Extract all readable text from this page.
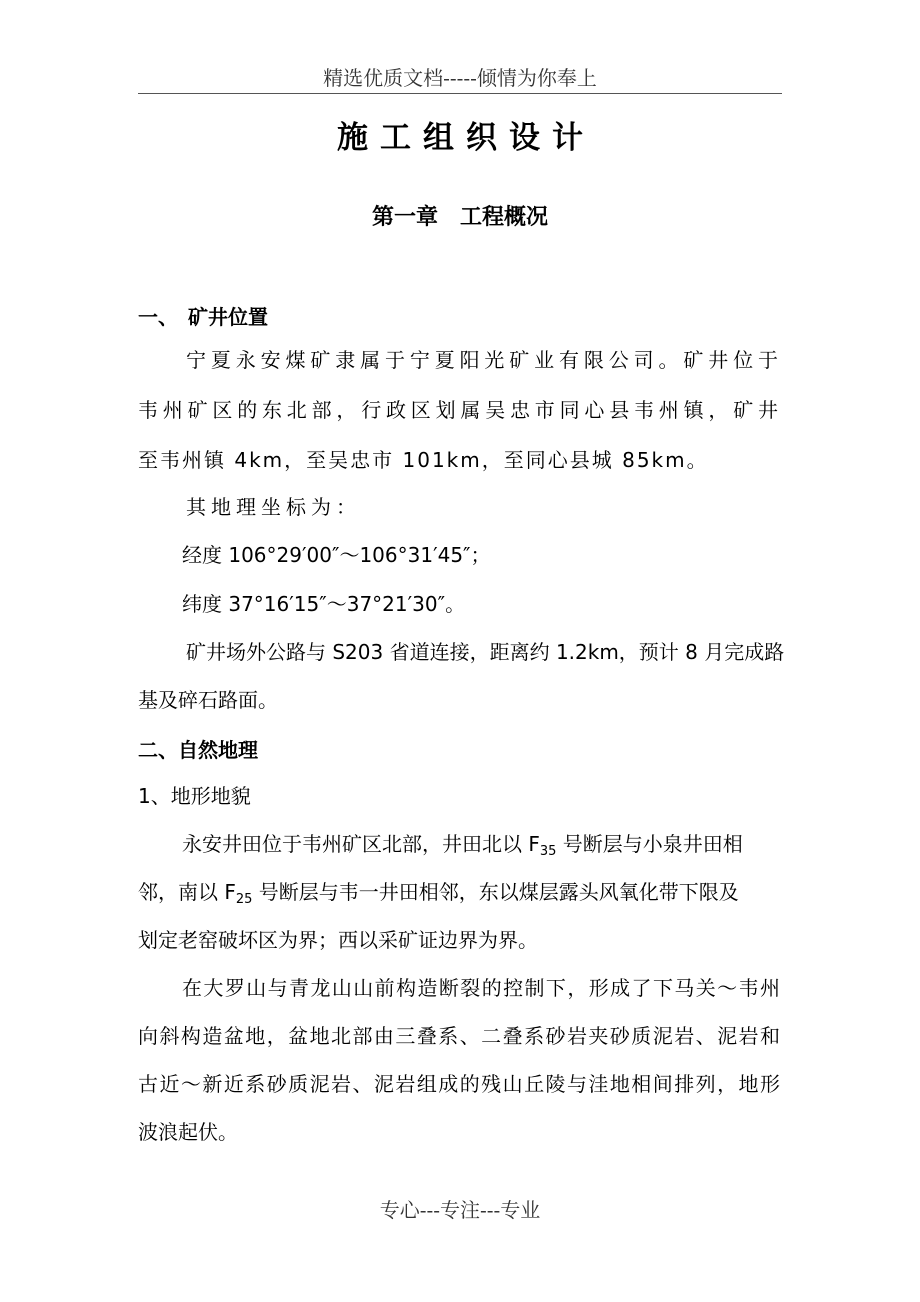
精选优质文档-----倾情为你奉上
施工组织设计
第一章　工程概况
一、　矿井位置
宁夏永安煤矿隶属于宁夏阳光矿业有限公司。矿井位于
韦州矿区的东北部，行政区划属吴忠市同心县韦州镇，矿井
至韦州镇 4km，至吴忠市 101km，至同心县城 85km。
其地理坐标为：
经度 106°29′00″～106°31′45″；
纬度 37°16′15″～37°21′30″。
矿井场外公路与 S203 省道连接，距离约 1.2km，预计 8 月完成路
基及碎石路面。
二、自然地理
1、地形地貌
永安井田位于韦州矿区北部，井田北以 $F_{35}$ 号断层与小泉井田相
邻，南以 $F_{25}$ 号断层与韦一井田相邻，东以煤层露头风氧化带下限及
划定老窑破坏区为界；西以采矿证边界为界。
在大罗山与青龙山山前构造断裂的控制下，形成了下马关～韦州
向斜构造盆地，盆地北部由三叠系、二叠系砂岩夹砂质泥岩、泥岩和
古近～新近系砂质泥岩、泥岩组成的残山丘陵与洼地相间排列，地形
波浪起伏。
专心---专注---专业
